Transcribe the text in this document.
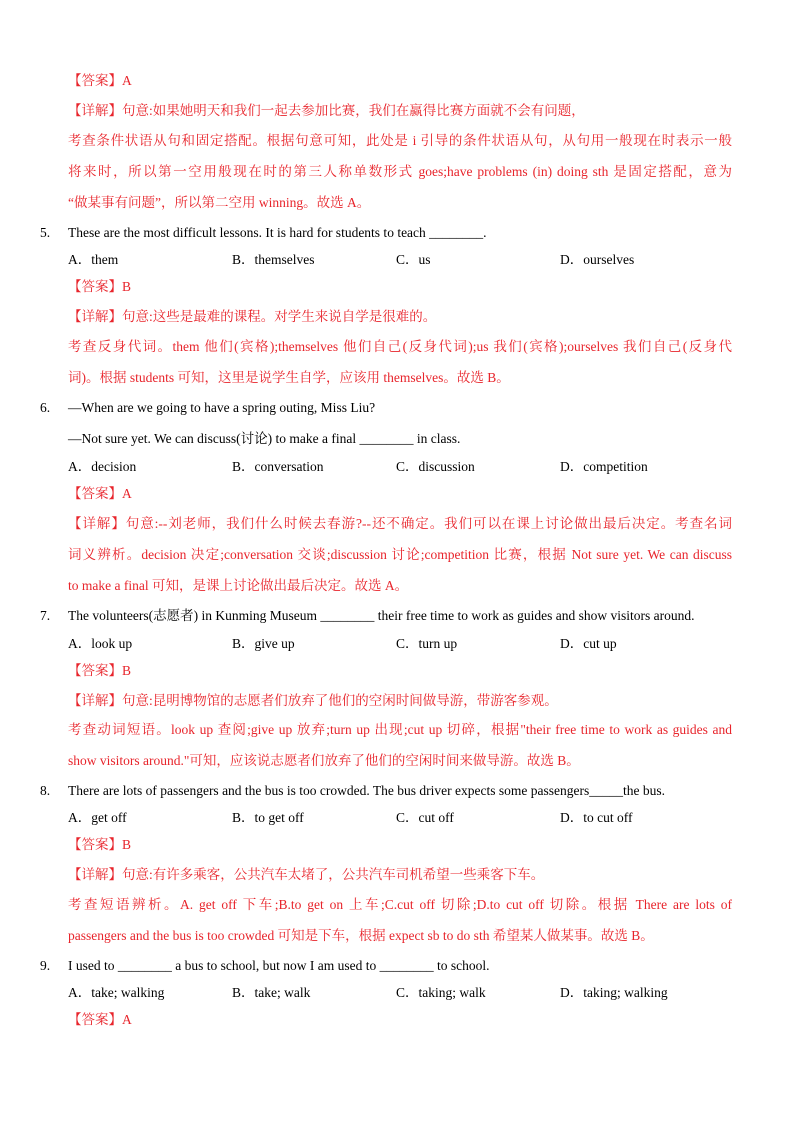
【答案】A
【详解】句意:如果她明天和我们一起去参加比赛，我们在赢得比赛方面就不会有问题，
考查条件状语从句和固定搭配。根据句意可知，此处是 i 引导的条件状语从句，从句用一般现在时表示一般
将来时，所以第一空用般现在时的第三人称单数形式 goes;have problems (in) doing sth 是固定搭配，意为
“做某事有问题”，所以第二空用 winning。故选 A。
5. These are the most difficult lessons. It is hard for students to teach ________.
A．them	B．themselves	C．us	D．ourselves
【答案】B
【详解】句意:这些是最难的课程。对学生来说自学是很难的。
考查反身代词。them 他们(宾格);themselves 他们自己(反身代词);us 我们(宾格);ourselves 我们自己(反身代
词)。根据 students 可知，这里是说学生自学，应该用 themselves。故选 B。
6. —When are we going to have a spring outing, Miss Liu?
—Not sure yet. We can discuss(讨论) to make a final ________ in class.
A．decision	B．conversation	C．discussion	D．competition
【答案】A
【详解】句意:--刘老师，我们什么时候去春游?--还不确定。我们可以在课上讨论做出最后决定。考查名词
词义辨析。decision 决定;conversation 交谈;discussion 讨论;competition 比赛，根据 Not sure yet. We can discuss
to make a final 可知，是课上讨论做出最后决定。故选 A。
7. The volunteers(志愿者) in Kunming Museum ________ their free time to work as guides and show visitors around.
A．look up	B．give up	C．turn up	D．cut up
【答案】B
【详解】句意:昆明博物馆的志愿者们放弃了他们的空闲时间做导游，带游客参观。
考查动词短语。look up 查阅;give up 放弃;turn up 出现;cut up 切碎，根据"their free time to work as guides and
show visitors around."可知，应该说志愿者们放弃了他们的空闲时间来做导游。故选 B。
8. There are lots of passengers and the bus is too crowded. The bus driver expects some passengers_____the bus.
A．get off	B．to get off	C．cut off	D．to cut off
【答案】B
【详解】句意:有许多乘客，公共汽车太堵了，公共汽车司机希望一些乘客下车。
考查短语辨析。A. get off 下车;B.to get on 上车;C.cut off 切除;D.to cut off 切除。根据 There are lots of
passengers and the bus is too crowded 可知是下车，根据 expect sb to do sth 希望某人做某事。故选 B。
9. I used to ________ a bus to school, but now I am used to ________ to school.
A．take; walking	B．take; walk	C．taking; walk	D．taking; walking
【答案】A
